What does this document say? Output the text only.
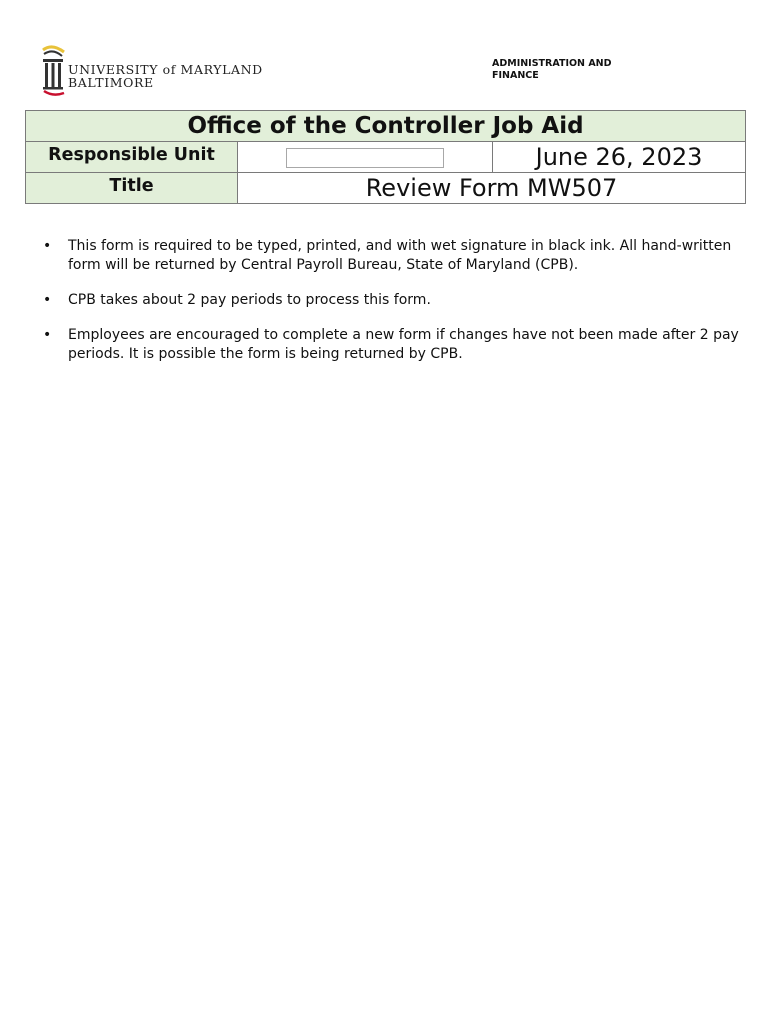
UNIVERSITY of MARYLAND
BALTIMORE
ADMINISTRATION AND FINANCE
Office of the Controller Job Aid		
Responsible Unit		June 26, 2023
Title	Review Form MW507	
• This form is required to be typed, printed, and with wet signature in black ink. All hand-written form will be returned by Central Payroll Bureau, State of Maryland (CPB).
• CPB takes about 2 pay periods to process this form.
• Employees are encouraged to complete a new form if changes have not been made after 2 pay periods. It is possible the form is being returned by CPB.
